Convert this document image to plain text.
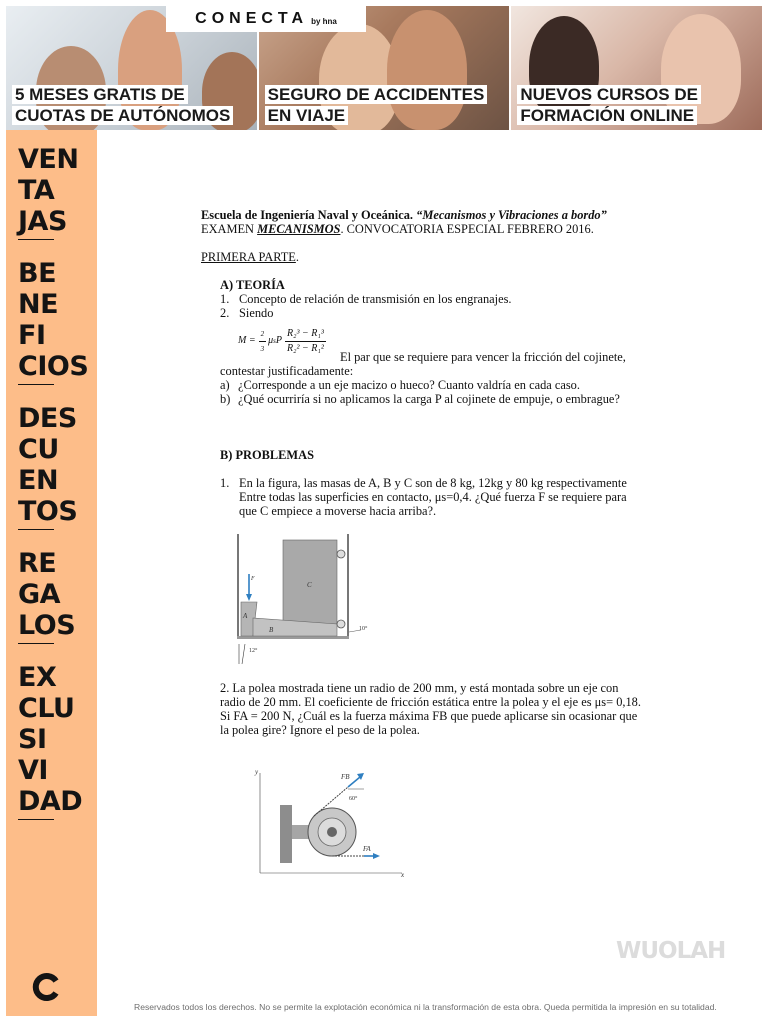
CONECTA by hna
5 MESES GRATIS DE
CUOTAS DE AUTÓNOMOS
SEGURO DE ACCIDENTES
EN VIAJE
NUEVOS CURSOS DE
FORMACIÓN ONLINE
VEN
TA
JAS
BE
NE
FI
CIOS
DES
CU
EN
TOS
RE
GA
LOS
EX
CLU
SI
VI
DAD
Escuela de Ingeniería Naval y Oceánica. “Mecanismos y Vibraciones a bordo”
EXAMEN MECANISMOS. CONVOCATORIA ESPECIAL FEBRERO 2016.
PRIMERA PARTE.
A) TEORÍA
1. Concepto de relación de transmisión en los engranajes.
2. Siendo
$M = \frac{2}{3}$ μ s P $\frac{\text{R₂³ − R₁³}}{\text{R₂² − R₁²}}$
El par que se requiere para vencer la fricción del cojinete,
contestar justificadamente:
a) ¿Corresponde a un eje macizo o hueco? Cuanto valdría en cada caso.
b) ¿Qué ocurriría si no aplicamos la carga P al cojinete de empuje, o embrague?
B) PROBLEMAS
1. En la figura, las masas de A, B y C son de 8 kg, 12kg y 80 kg respectivamente
Entre todas las superficies en contacto, μs=0,4. ¿Qué fuerza F se requiere para
que C empiece a moverse hacia arriba?.
C
A
B
F
10°
12°
2. La polea mostrada tiene un radio de 200 mm, y está montada sobre un eje con
radio de 20 mm. El coeficiente de fricción estática entre la polea y el eje es μs= 0,18.
Si FA = 200 N, ¿Cuál es la fuerza máxima FB que puede aplicarse sin ocasionar que
la polea gire? Ignore el peso de la polea.
y
x
FB
60°
FA
WUOLAH
Reservados todos los derechos. No se permite la explotación económica ni la transformación de esta obra. Queda permitida la impresión en su totalidad.
